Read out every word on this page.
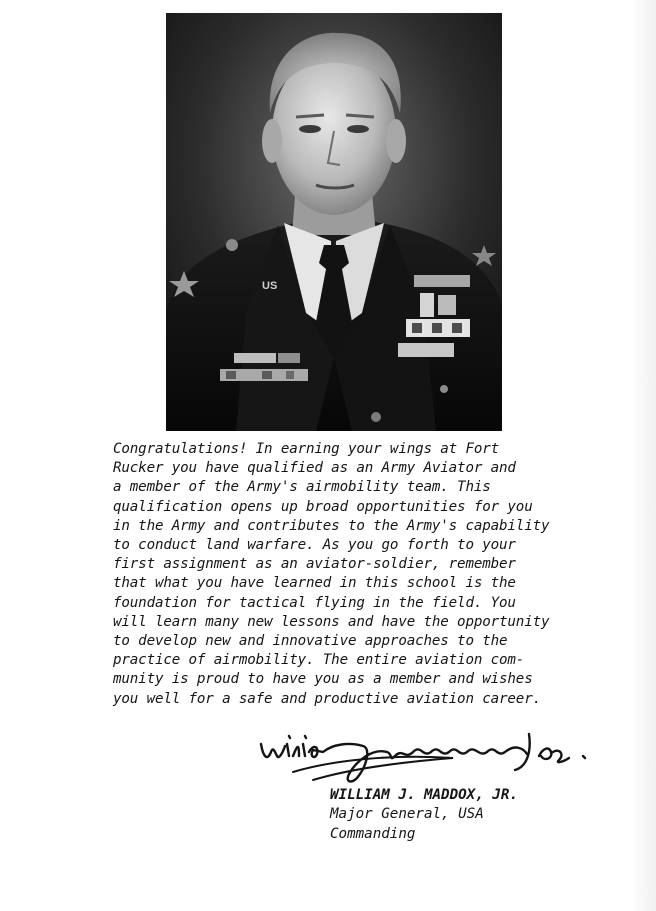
US
Congratulations! In earning your wings at Fort
Rucker you have qualified as an Army Aviator and
a member of the Army's airmobility team. This
qualification opens up broad opportunities for you
in the Army and contributes to the Army's capability
to conduct land warfare. As you go forth to your
first assignment as an aviator-soldier, remember
that what you have learned in this school is the
foundation for tactical flying in the field. You
will learn many new lessons and have the opportunity
to develop new and innovative approaches to the
practice of airmobility. The entire aviation com-
munity is proud to have you as a member and wishes
you well for a safe and productive aviation career.
WILLIAM J. MADDOX, JR.
Major General, USA
Commanding
